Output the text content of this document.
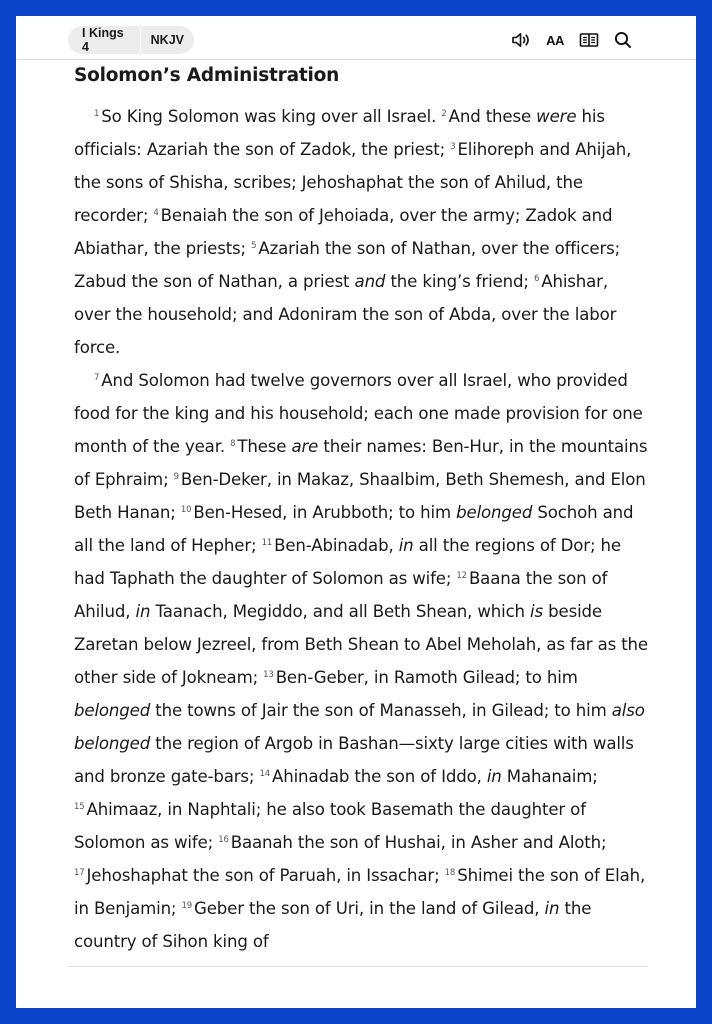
I Kings 4	NKJV	AA
Solomon’s Administration

$^1$ So King Solomon was king over all Israel. $^2$ And these were his officials: Azariah the son of Zadok, the priest; $^3$ Elihoreph and Ahijah, the sons of Shisha, scribes; Jehoshaphat the son of Ahilud, the recorder; $^4$ Benaiah the son of Jehoiada, over the army; Zadok and Abiathar, the priests; $^5$ Azariah the son of Nathan, over the officers; Zabud the son of Nathan, a priest and the king’s friend; $^6$ Ahishar, over the household; and Adoniram the son of Abda, over the labor force.

$^7$ And Solomon had twelve governors over all Israel, who provided food for the king and his household; each one made provision for one month of the year. $^8$ These are their names: Ben-Hur, in the mountains of Ephraim; $^9$ Ben-Deker, in Makaz, Shaalbim, Beth Shemesh, and Elon Beth Hanan; $^{10}$ Ben-Hesed, in Arubboth; to him belonged Sochoh and all the land of Hepher; $^{11}$ Ben-Abinadab, in all the regions of Dor; he had Taphath the daughter of Solomon as wife; $^{12}$ Baana the son of Ahilud, in Taanach, Megiddo, and all Beth Shean, which is beside Zaretan below Jezreel, from Beth Shean to Abel Meholah, as far as the other side of Jokneam; $^{13}$ Ben-Geber, in Ramoth Gilead; to him belonged the towns of Jair the son of Manasseh, in Gilead; to him also belonged the region of Argob in Bashan—sixty large cities with walls and bronze gate-bars; $^{14}$ Ahinadab the son of Iddo, in Mahanaim; $^{15}$ Ahimaaz, in Naphtali; he also took Basemath the daughter of Solomon as wife; $^{16}$ Baanah the son of Hushai, in Asher and Aloth; $^{17}$ Jehoshaphat the son of Paruah, in Issachar; $^{18}$ Shimei the son of Elah, in Benjamin; $^{19}$ Geber the son of Uri, in the land of Gilead, in the country of Sihon king of
